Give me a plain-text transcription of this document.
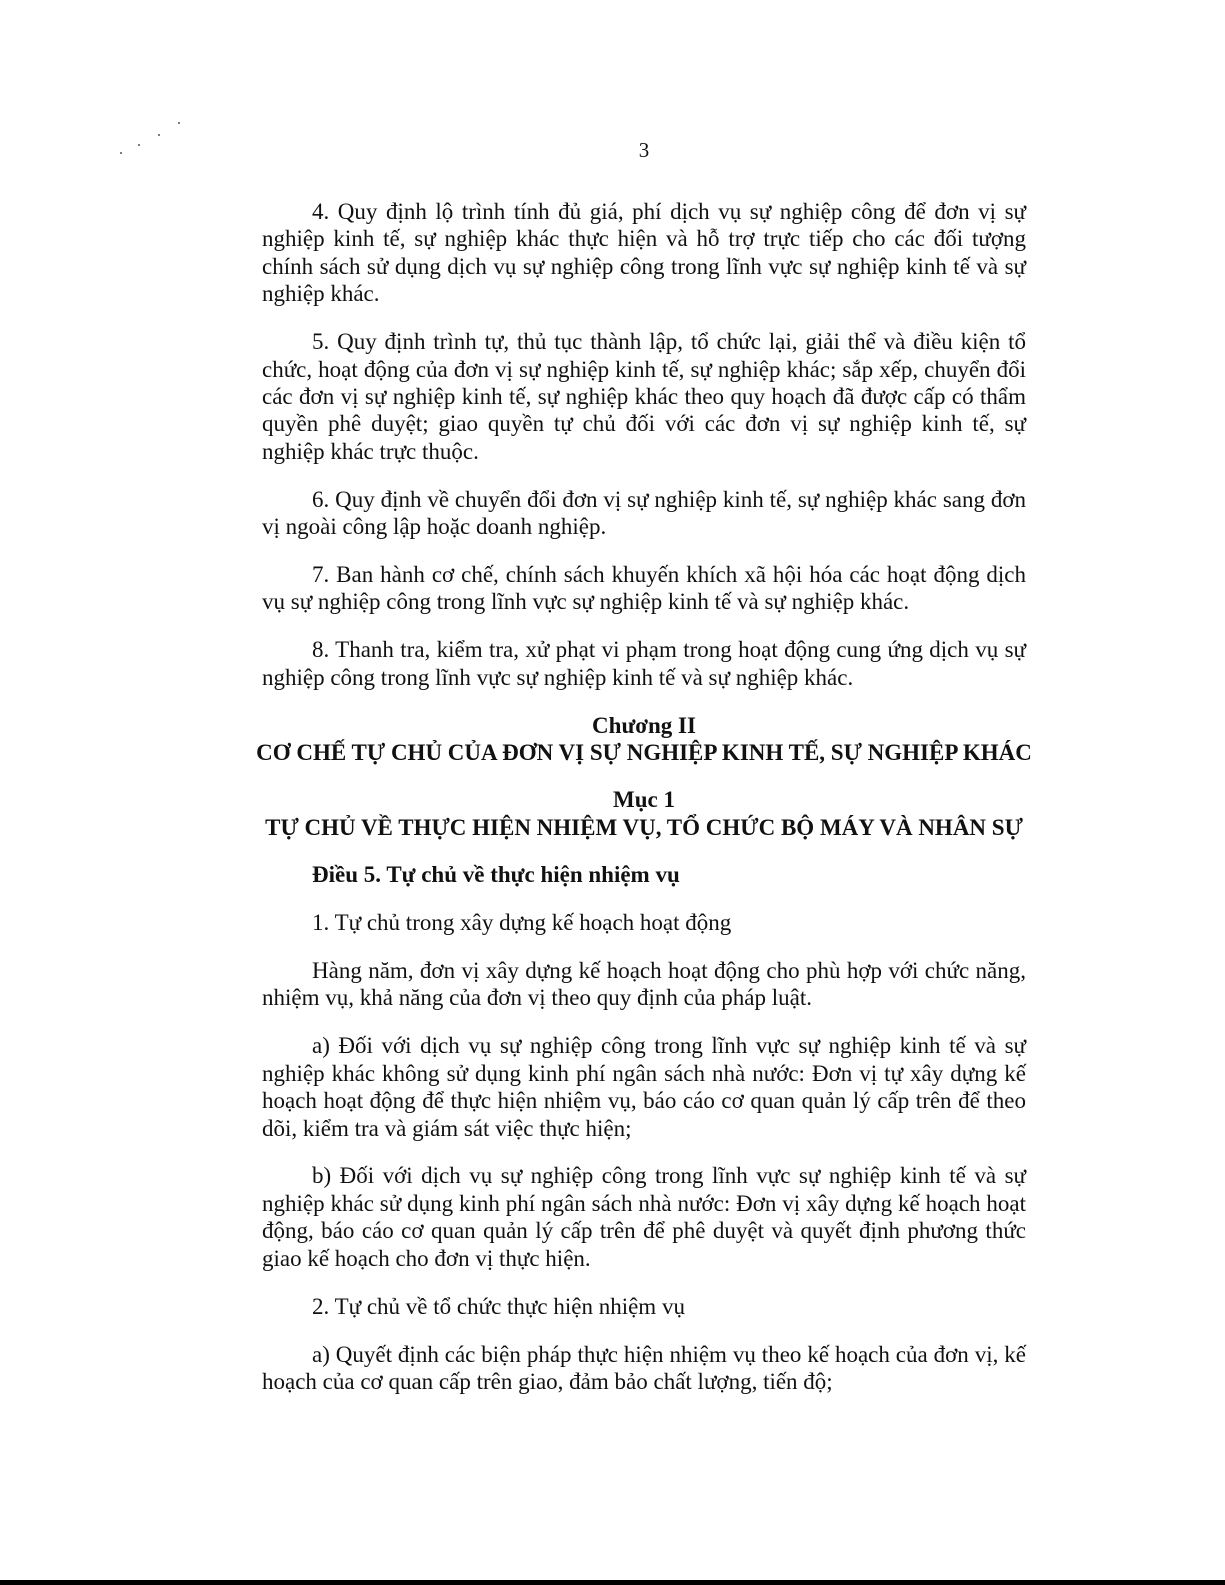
3

4. Quy định lộ trình tính đủ giá, phí dịch vụ sự nghiệp công để đơn vị sự nghiệp kinh tế, sự nghiệp khác thực hiện và hỗ trợ trực tiếp cho các đối tượng chính sách sử dụng dịch vụ sự nghiệp công trong lĩnh vực sự nghiệp kinh tế và sự nghiệp khác.

5. Quy định trình tự, thủ tục thành lập, tổ chức lại, giải thể và điều kiện tổ chức, hoạt động của đơn vị sự nghiệp kinh tế, sự nghiệp khác; sắp xếp, chuyển đổi các đơn vị sự nghiệp kinh tế, sự nghiệp khác theo quy hoạch đã được cấp có thẩm quyền phê duyệt; giao quyền tự chủ đối với các đơn vị sự nghiệp kinh tế, sự nghiệp khác trực thuộc.

6. Quy định về chuyển đổi đơn vị sự nghiệp kinh tế, sự nghiệp khác sang đơn vị ngoài công lập hoặc doanh nghiệp.

7. Ban hành cơ chế, chính sách khuyến khích xã hội hóa các hoạt động dịch vụ sự nghiệp công trong lĩnh vực sự nghiệp kinh tế và sự nghiệp khác.

8. Thanh tra, kiểm tra, xử phạt vi phạm trong hoạt động cung ứng dịch vụ sự nghiệp công trong lĩnh vực sự nghiệp kinh tế và sự nghiệp khác.

Chương II

CƠ CHẾ TỰ CHỦ CỦA ĐƠN VỊ SỰ NGHIỆP KINH TẾ, SỰ NGHIỆP KHÁC

Mục 1

TỰ CHỦ VỀ THỰC HIỆN NHIỆM VỤ, TỔ CHỨC BỘ MÁY VÀ NHÂN SỰ

Điều 5. Tự chủ về thực hiện nhiệm vụ

1. Tự chủ trong xây dựng kế hoạch hoạt động

Hàng năm, đơn vị xây dựng kế hoạch hoạt động cho phù hợp với chức năng, nhiệm vụ, khả năng của đơn vị theo quy định của pháp luật.

a) Đối với dịch vụ sự nghiệp công trong lĩnh vực sự nghiệp kinh tế và sự nghiệp khác không sử dụng kinh phí ngân sách nhà nước: Đơn vị tự xây dựng kế hoạch hoạt động để thực hiện nhiệm vụ, báo cáo cơ quan quản lý cấp trên để theo dõi, kiểm tra và giám sát việc thực hiện;

b) Đối với dịch vụ sự nghiệp công trong lĩnh vực sự nghiệp kinh tế và sự nghiệp khác sử dụng kinh phí ngân sách nhà nước: Đơn vị xây dựng kế hoạch hoạt động, báo cáo cơ quan quản lý cấp trên để phê duyệt và quyết định phương thức giao kế hoạch cho đơn vị thực hiện.

2. Tự chủ về tổ chức thực hiện nhiệm vụ

a) Quyết định các biện pháp thực hiện nhiệm vụ theo kế hoạch của đơn vị, kế hoạch của cơ quan cấp trên giao, đảm bảo chất lượng, tiến độ;
